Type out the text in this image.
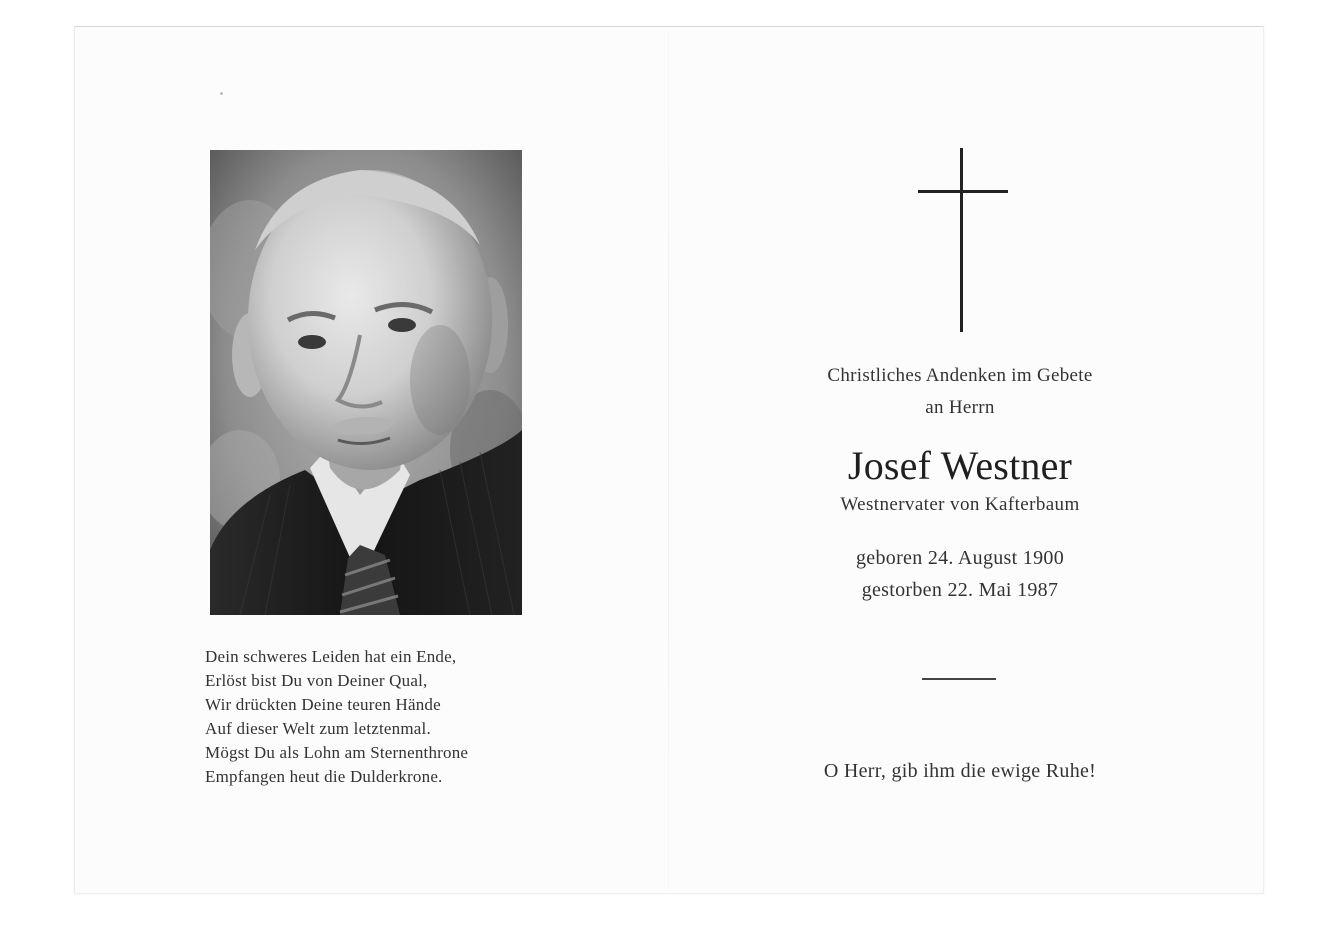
Dein schweres Leiden hat ein Ende,
Erlöst bist Du von Deiner Qual,
Wir drückten Deine teuren Hände
Auf dieser Welt zum letztenmal.
Mögst Du als Lohn am Sternenthrone
Empfangen heut die Dulderkrone.
Christliches Andenken im Gebete
an Herrn
Josef Westner
Westnervater von Kafterbaum
geboren 24. August 1900
gestorben 22. Mai 1987
O Herr, gib ihm die ewige Ruhe!
